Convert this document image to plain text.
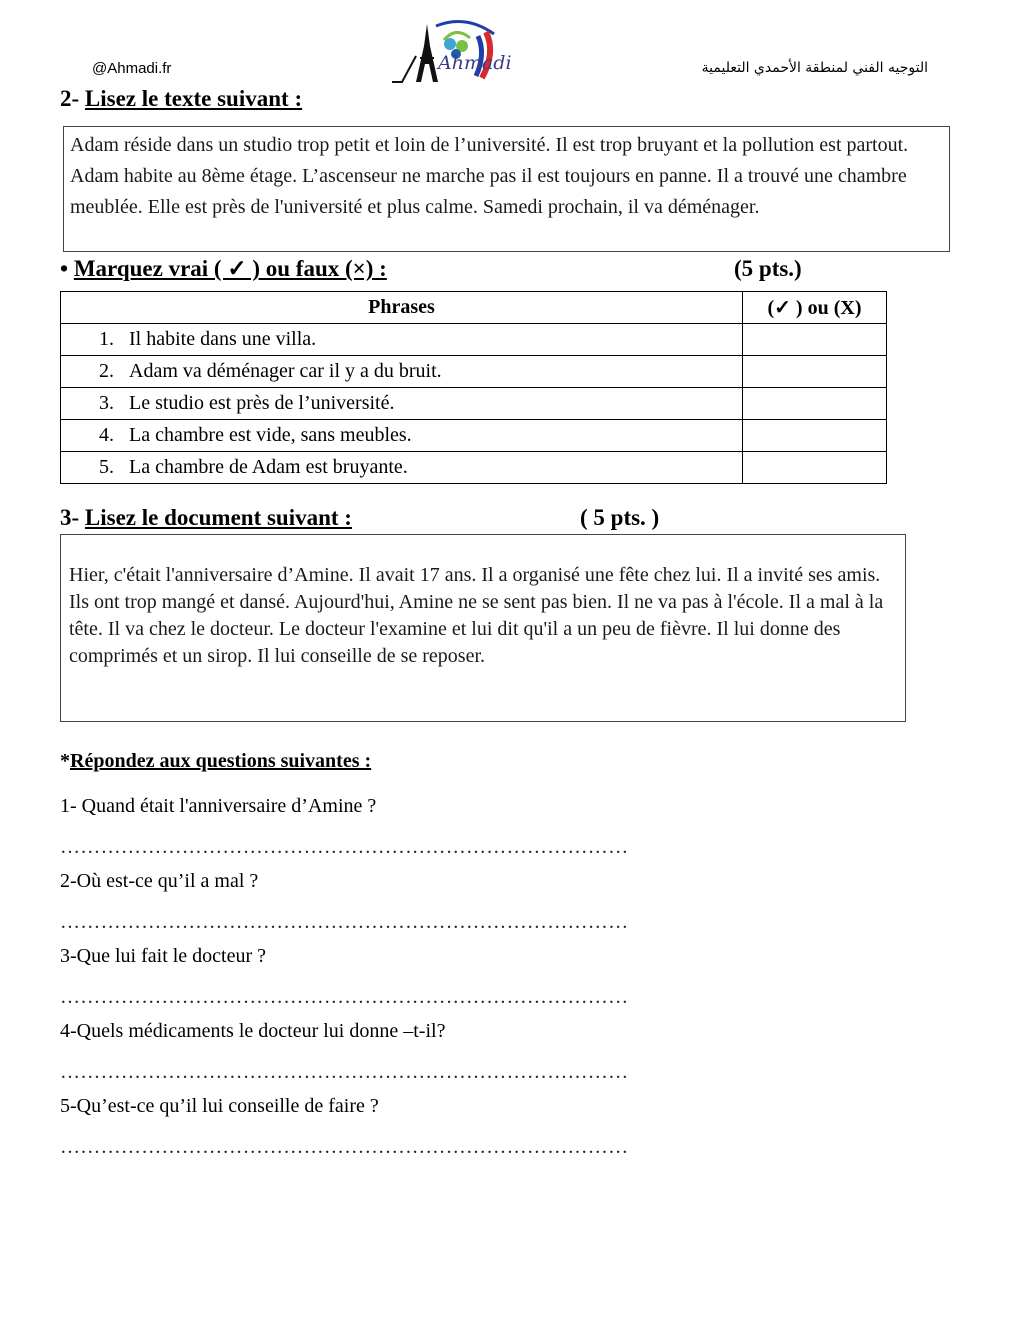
@Ahmadi.fr	Ahmadi	التوجيه الفني لمنطقة الأحمدي التعليمية
2- Lisez le texte suivant :
Adam réside dans un studio trop petit et loin de l’université. Il est trop bruyant et la pollution est partout. Adam habite au 8ème étage. L’ascenseur ne marche pas il est toujours en panne. Il a trouvé une chambre meublée. Elle est près de l'université et plus calme. Samedi prochain, il va déménager.
• Marquez vrai ( ✓ ) ou faux (×) :	(5 pts.)
Phrases	(✓ ) ou (X)
1. Il habite dans une villa.	
2. Adam va déménager car il y a du bruit.	
3. Le studio est près de l’université.	
4. La chambre est vide, sans meubles.	
5. La chambre de Adam est bruyante.	
3- Lisez le document suivant :	( 5 pts. )
Hier, c'était l'anniversaire d’Amine. Il avait 17 ans. Il a organisé une fête chez lui. Il a invité ses amis. Ils ont trop mangé et dansé. Aujourd'hui, Amine ne se sent pas bien. Il ne va pas à l'école. Il a mal à la tête. Il va chez le docteur. Le docteur l'examine et lui dit qu'il a un peu de fièvre. Il lui donne des comprimés et un sirop. Il lui conseille de se reposer.
*Répondez aux questions suivantes :
1- Quand était l'anniversaire d’Amine ?
…………………………………………………………………………
2-Où est-ce qu’il a mal ?
…………………………………………………………………………
3-Que lui fait le docteur ?
…………………………………………………………………………
4-Quels médicaments le docteur lui donne –t-il?
…………………………………………………………………………
5-Qu’est-ce qu’il lui conseille de faire ?
…………………………………………………………………………
